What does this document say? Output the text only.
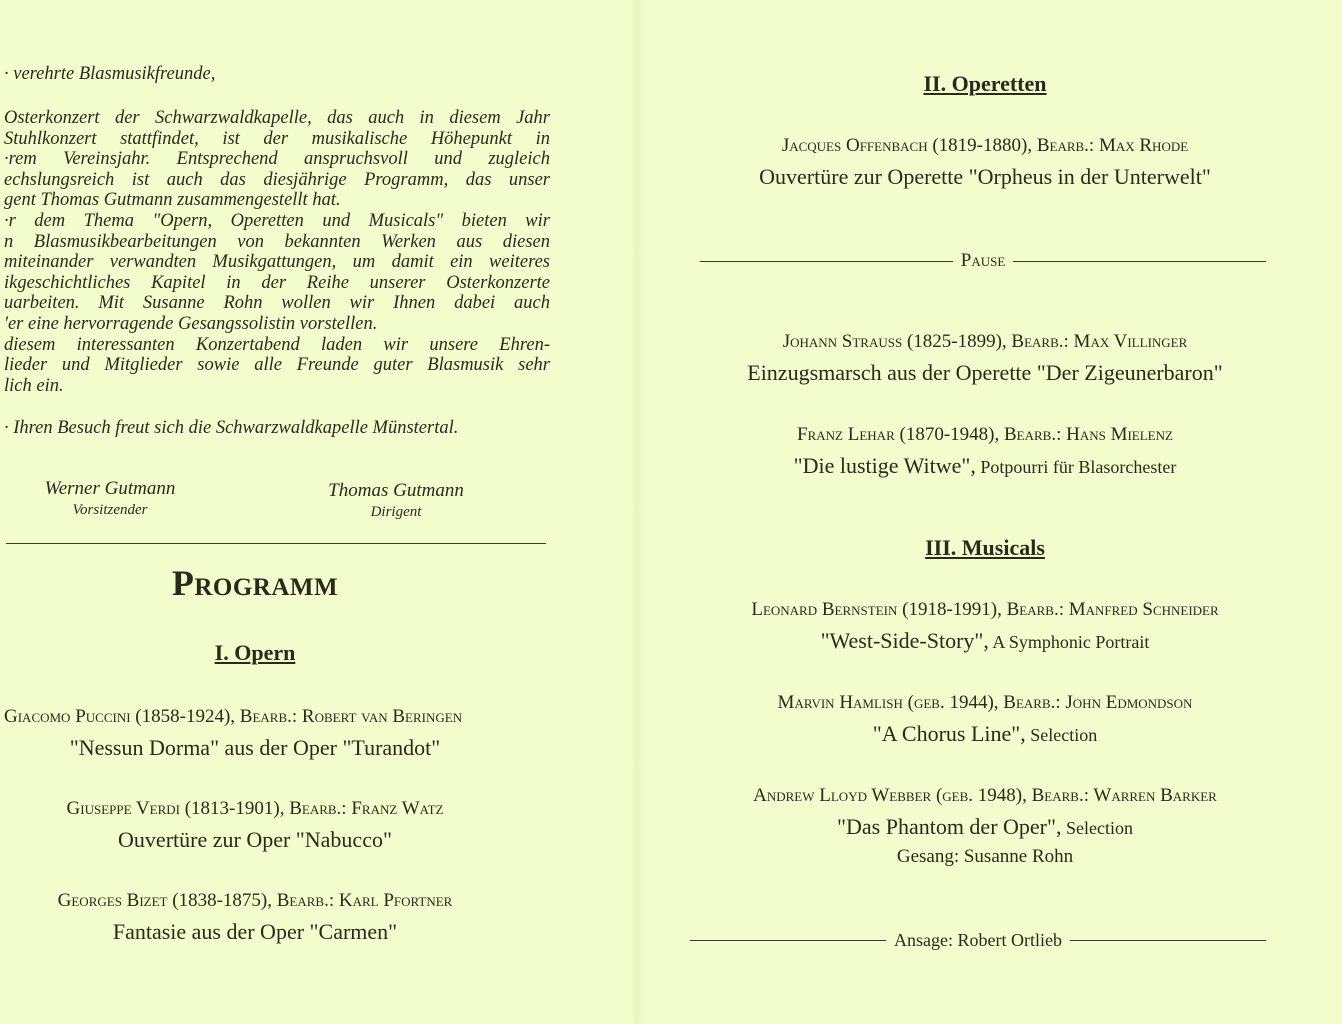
· verehrte Blasmusikfreunde,
Osterkonzert der Schwarzwaldkapelle, das auch in diesem Jahr
Stuhlkonzert stattfindet, ist der musikalische Höhepunkt in
·rem Vereinsjahr. Entsprechend anspruchsvoll und zugleich
echslungsreich ist auch das diesjährige Programm, das unser
gent Thomas Gutmann zusammengestellt hat.
·r dem Thema "Opern, Operetten und Musicals" bieten wir
n Blasmusikbearbeitungen von bekannten Werken aus diesen
miteinander verwandten Musikgattungen, um damit ein weiteres
ikgeschichtliches Kapitel in der Reihe unserer Osterkonzerte
uarbeiten. Mit Susanne Rohn wollen wir Ihnen dabei auch
'er eine hervorragende Gesangssolistin vorstellen.
diesem interessanten Konzertabend laden wir unsere Ehren-
lieder und Mitglieder sowie alle Freunde guter Blasmusik sehr
lich ein.
· Ihren Besuch freut sich die Schwarzwaldkapelle Münstertal.
Werner Gutmann
Vorsitzender
Thomas Gutmann
Dirigent
Programm
I. Opern
Giacomo Puccini (1858-1924), Bearb.: Robert van Beringen
"Nessun Dorma" aus der Oper "Turandot"
Giuseppe Verdi (1813-1901), Bearb.: Franz Watz
Ouvertüre zur Oper "Nabucco"
Georges Bizet (1838-1875), Bearb.: Karl Pfortner
Fantasie aus der Oper "Carmen"
II. Operetten
Jacques Offenbach (1819-1880), Bearb.: Max Rhode
Ouvertüre zur Operette "Orpheus in der Unterwelt"
Pause
Johann Strauss (1825-1899), Bearb.: Max Villinger
Einzugsmarsch aus der Operette "Der Zigeunerbaron"
Franz Lehar (1870-1948), Bearb.: Hans Mielenz
"Die lustige Witwe", Potpourri für Blasorchester
III. Musicals
Leonard Bernstein (1918-1991), Bearb.: Manfred Schneider
"West-Side-Story", A Symphonic Portrait
Marvin Hamlish (geb. 1944), Bearb.: John Edmondson
"A Chorus Line", Selection
Andrew Lloyd Webber (geb. 1948), Bearb.: Warren Barker
"Das Phantom der Oper", Selection
Gesang: Susanne Rohn
Ansage: Robert Ortlieb
